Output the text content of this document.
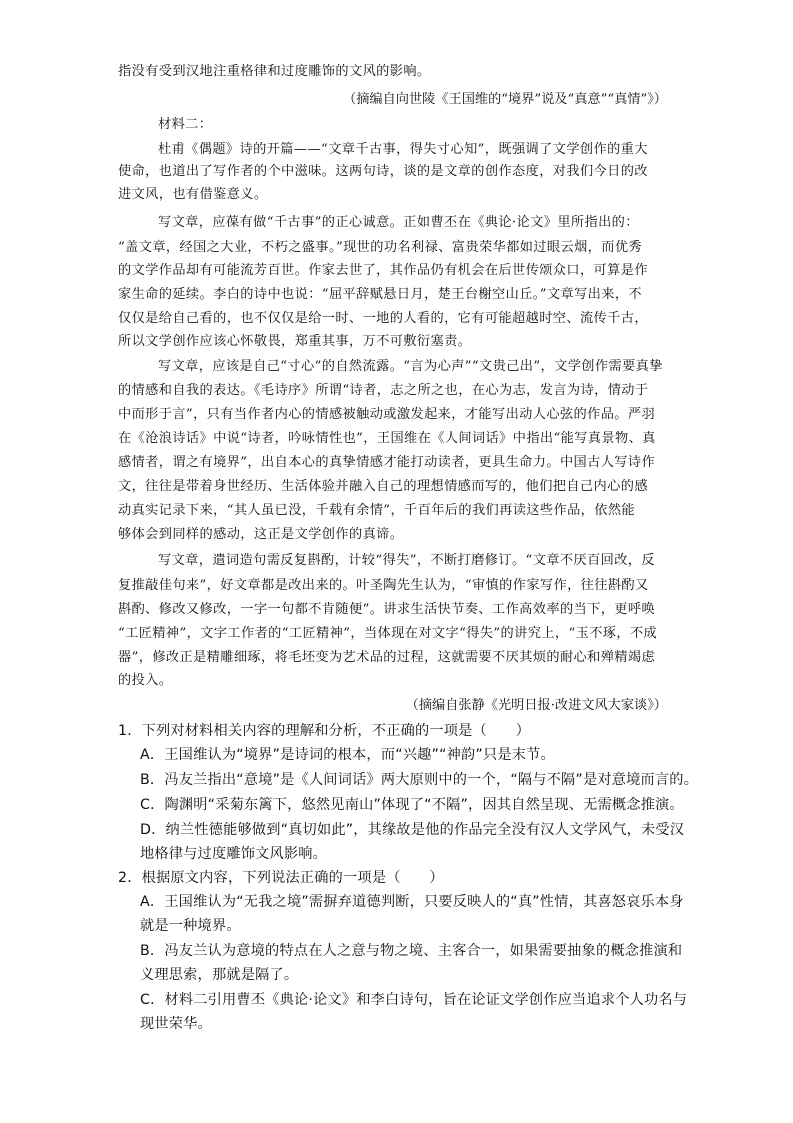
指没有受到汉地注重格律和过度雕饰的文风的影响。
（摘编自向世陵《王国维的“境界”说及“真意”“真情”》）
材料二：
杜甫《偶题》诗的开篇——“文章千古事，得失寸心知”，既强调了文学创作的重大
使命，也道出了写作者的个中滋味。这两句诗，谈的是文章的创作态度，对我们今日的改
进文风，也有借鉴意义。
写文章，应葆有做“千古事”的正心诚意。正如曹丕在《典论·论文》里所指出的：
“盖文章，经国之大业，不朽之盛事。”现世的功名利禄、富贵荣华都如过眼云烟，而优秀
的文学作品却有可能流芳百世。作家去世了，其作品仍有机会在后世传颂众口，可算是作
家生命的延续。李白的诗中也说：“屈平辞赋悬日月，楚王台榭空山丘。”文章写出来，不
仅仅是给自己看的，也不仅仅是给一时、一地的人看的，它有可能超越时空、流传千古，
所以文学创作应该心怀敬畏，郑重其事，万不可敷衍塞责。
写文章，应该是自己“寸心”的自然流露。“言为心声”“文贵己出”，文学创作需要真挚
的情感和自我的表达。《毛诗序》所谓“诗者，志之所之也，在心为志，发言为诗，情动于
中而形于言”，只有当作者内心的情感被触动或激发起来，才能写出动人心弦的作品。严羽
在《沧浪诗话》中说“诗者，吟咏情性也”，王国维在《人间词话》中指出“能写真景物、真
感情者，谓之有境界”，出自本心的真挚情感才能打动读者，更具生命力。中国古人写诗作
文，往往是带着身世经历、生活体验并融入自己的理想情感而写的，他们把自己内心的感
动真实记录下来，“其人虽已没，千载有余情”，千百年后的我们再读这些作品，依然能
够体会到同样的感动，这正是文学创作的真谛。
写文章，遣词造句需反复斟酌，计较“得失”，不断打磨修订。“文章不厌百回改，反
复推敲佳句来”，好文章都是改出来的。叶圣陶先生认为，“审慎的作家写作，往往斟酌又
斟酌、修改又修改，一字一句都不肯随便”。讲求生活快节奏、工作高效率的当下，更呼唤
“工匠精神”，文字工作者的“工匠精神”，当体现在对文字“得失”的讲究上，“玉不琢，不成
器”，修改正是精雕细琢，将毛坯变为艺术品的过程，这就需要不厌其烦的耐心和殚精竭虑
的投入。
（摘编自张静《光明日报·改进文风大家谈》）
1．下列对材料相关内容的理解和分析，不正确的一项是（　　）
A．王国维认为“境界”是诗词的根本，而“兴趣”“神韵”只是末节。
B．冯友兰指出“意境”是《人间词话》两大原则中的一个，“隔与不隔”是对意境而言的。
C．陶渊明“采菊东篱下，悠然见南山”体现了“不隔”，因其自然呈现、无需概念推演。
D．纳兰性德能够做到“真切如此”，其缘故是他的作品完全没有汉人文学风气，未受汉
地格律与过度雕饰文风影响。
2．根据原文内容，下列说法正确的一项是（　　）
A．王国维认为“无我之境”需摒弃道德判断，只要反映人的“真”性情，其喜怒哀乐本身
就是一种境界。
B．冯友兰认为意境的特点在人之意与物之境、主客合一，如果需要抽象的概念推演和
义理思索，那就是隔了。
C．材料二引用曹丕《典论·论文》和李白诗句，旨在论证文学创作应当追求个人功名与
现世荣华。
